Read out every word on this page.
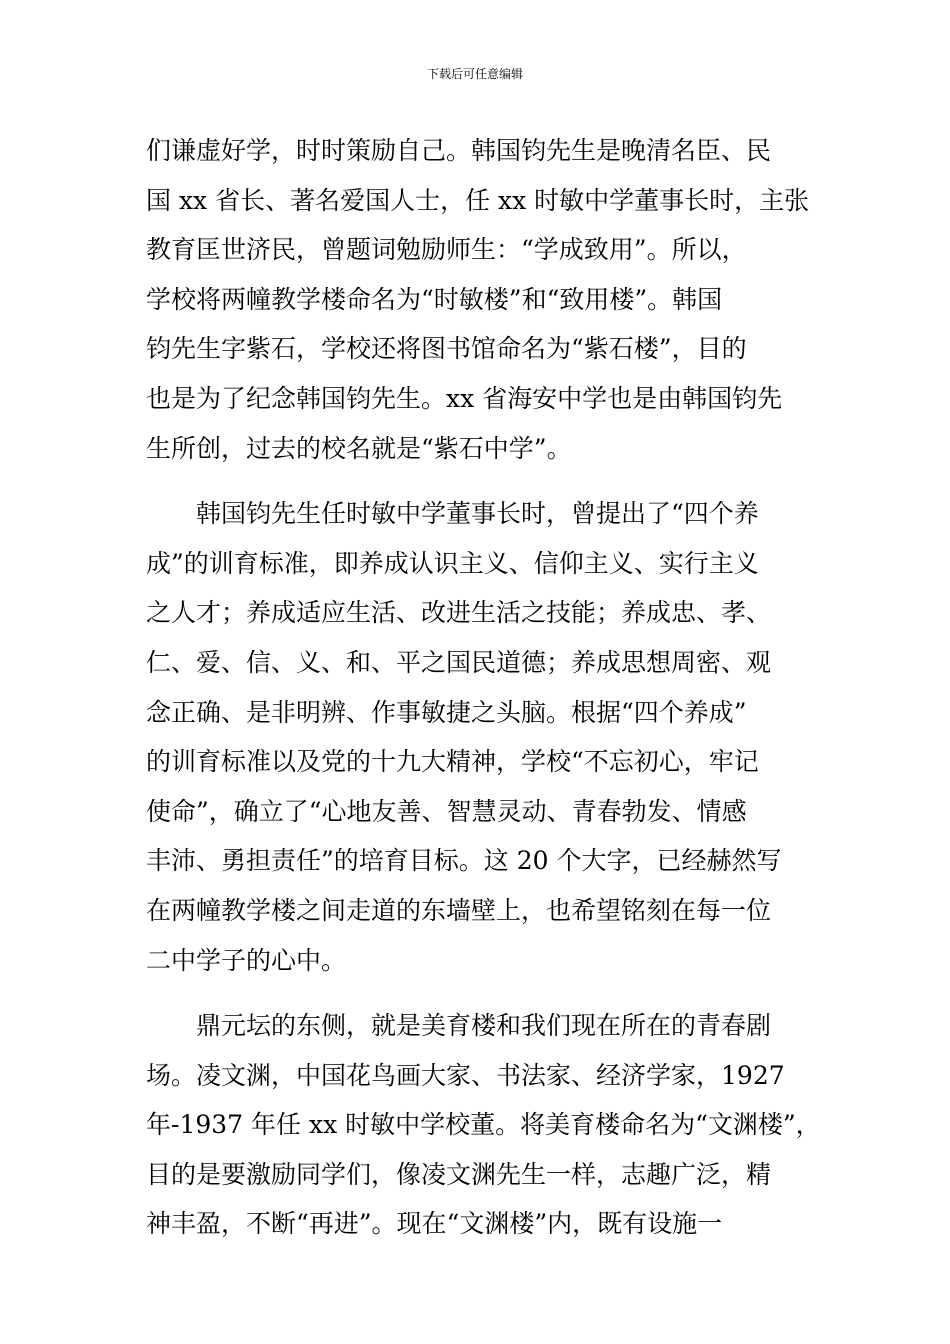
下载后可任意编辑
们谦虚好学，时时策励自己。韩国钧先生是晚清名臣、民
国 xx 省长、著名爱国人士，任 xx 时敏中学董事长时，主张
教育匡世济民，曾题词勉励师生：“学成致用”。所以，
学校将两幢教学楼命名为“时敏楼”和“致用楼”。韩国
钧先生字紫石，学校还将图书馆命名为“紫石楼”，目的
也是为了纪念韩国钧先生。xx 省海安中学也是由韩国钧先
生所创，过去的校名就是“紫石中学”。
韩国钧先生任时敏中学董事长时，曾提出了“四个养
成”的训育标准，即养成认识主义、信仰主义、实行主义
之人才；养成适应生活、改进生活之技能；养成忠、孝、
仁、爱、信、义、和、平之国民道德；养成思想周密、观
念正确、是非明辨、作事敏捷之头脑。根据“四个养成”
的训育标准以及党的十九大精神，学校“不忘初心，牢记
使命”，确立了“心地友善、智慧灵动、青春勃发、情感
丰沛、勇担责任”的培育目标。这 20 个大字，已经赫然写
在两幢教学楼之间走道的东墙壁上，也希望铭刻在每一位
二中学子的心中。
鼎元坛的东侧，就是美育楼和我们现在所在的青春剧
场。凌文渊，中国花鸟画大家、书法家、经济学家，1927
年-1937 年任 xx 时敏中学校董。将美育楼命名为“文渊楼”，
目的是要激励同学们，像凌文渊先生一样，志趣广泛，精
神丰盈，不断“再进”。现在“文渊楼”内，既有设施一
